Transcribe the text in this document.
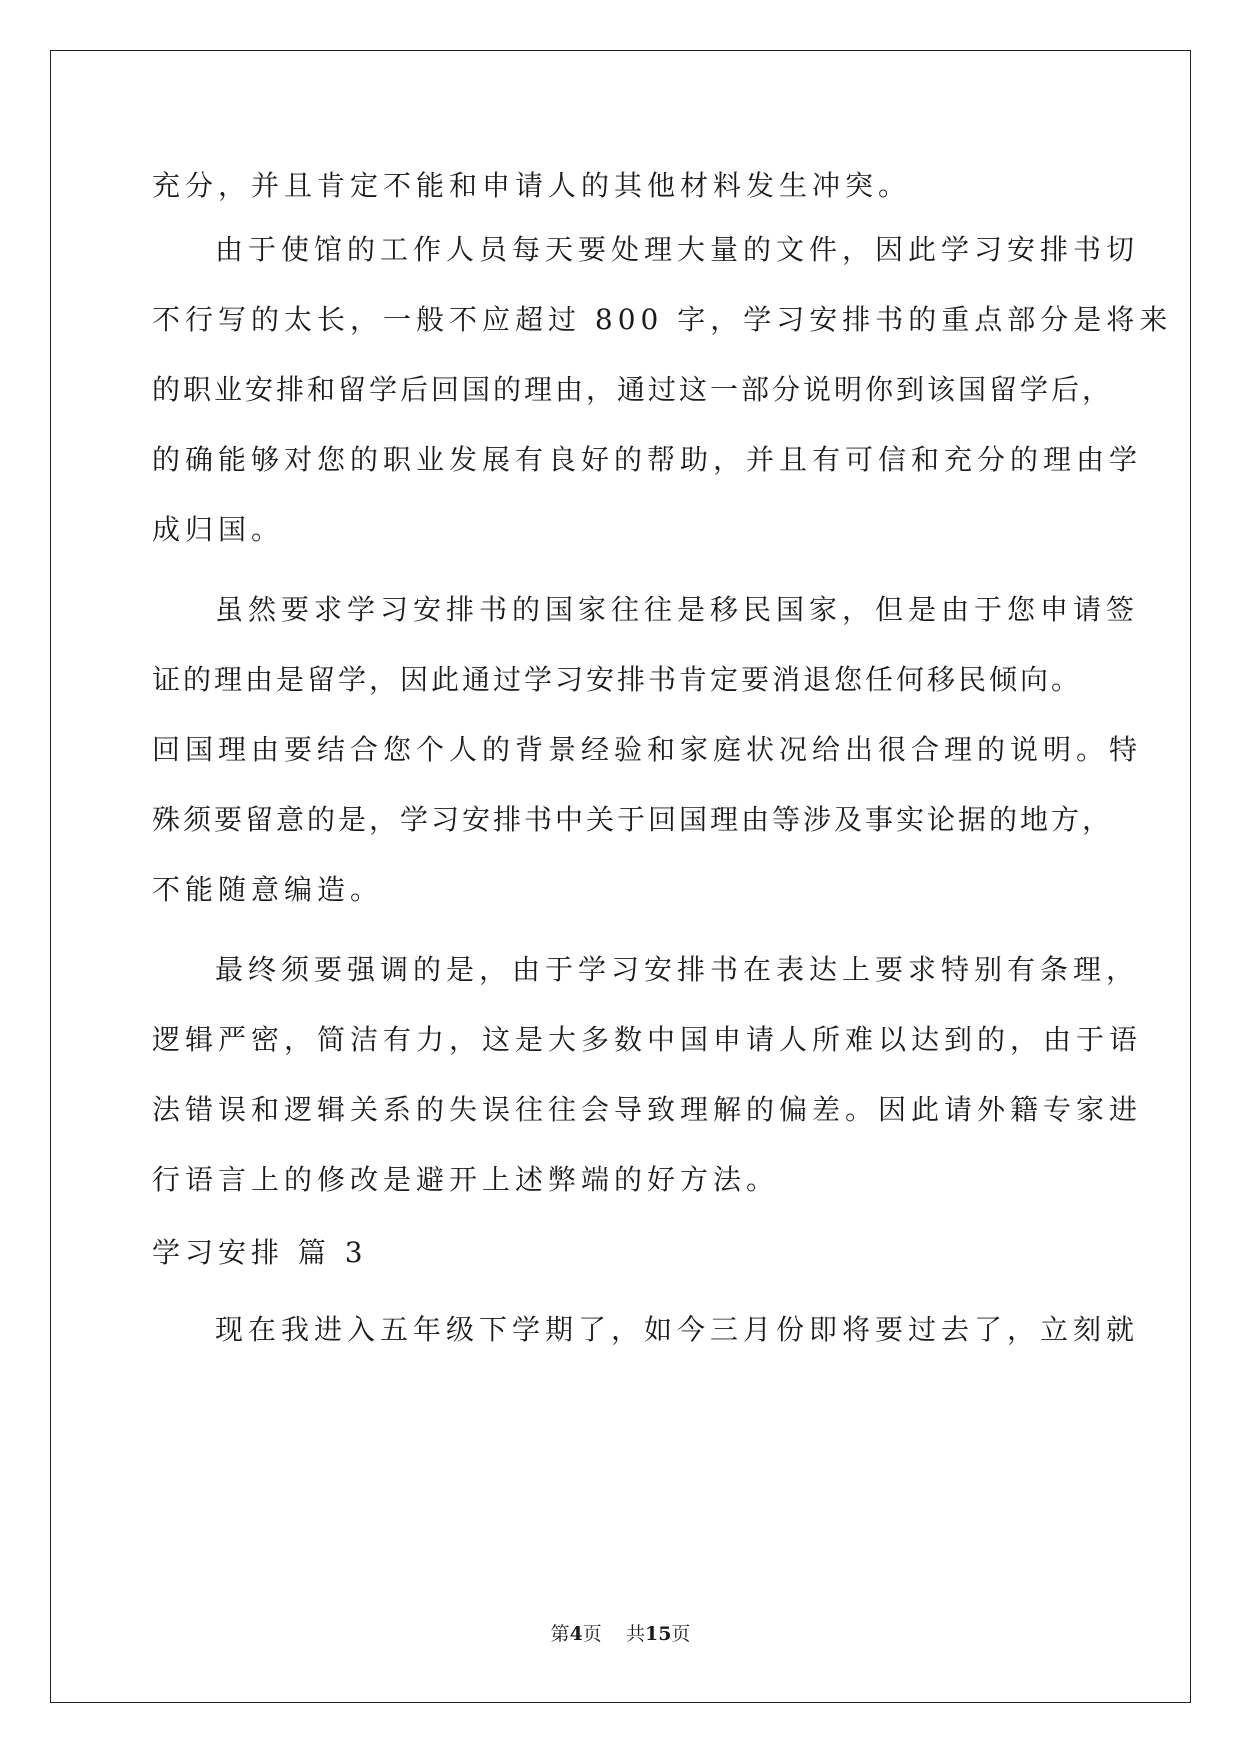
充分，并且肯定不能和申请人的其他材料发生冲突。
由于使馆的工作人员每天要处理大量的文件，因此学习安排书切
不行写的太长，一般不应超过 800 字，学习安排书的重点部分是将来
的职业安排和留学后回国的理由，通过这一部分说明你到该国留学后，
的确能够对您的职业发展有良好的帮助，并且有可信和充分的理由学
成归国。
虽然要求学习安排书的国家往往是移民国家，但是由于您申请签
证的理由是留学，因此通过学习安排书肯定要消退您任何移民倾向。
回国理由要结合您个人的背景经验和家庭状况给出很合理的说明。特
殊须要留意的是，学习安排书中关于回国理由等涉及事实论据的地方，
不能随意编造。
最终须要强调的是，由于学习安排书在表达上要求特别有条理，
逻辑严密，简洁有力，这是大多数中国申请人所难以达到的，由于语
法错误和逻辑关系的失误往往会导致理解的偏差。因此请外籍专家进
行语言上的修改是避开上述弊端的好方法。
学习安排 篇 3
现在我进入五年级下学期了，如今三月份即将要过去了，立刻就
第4页    共15页
